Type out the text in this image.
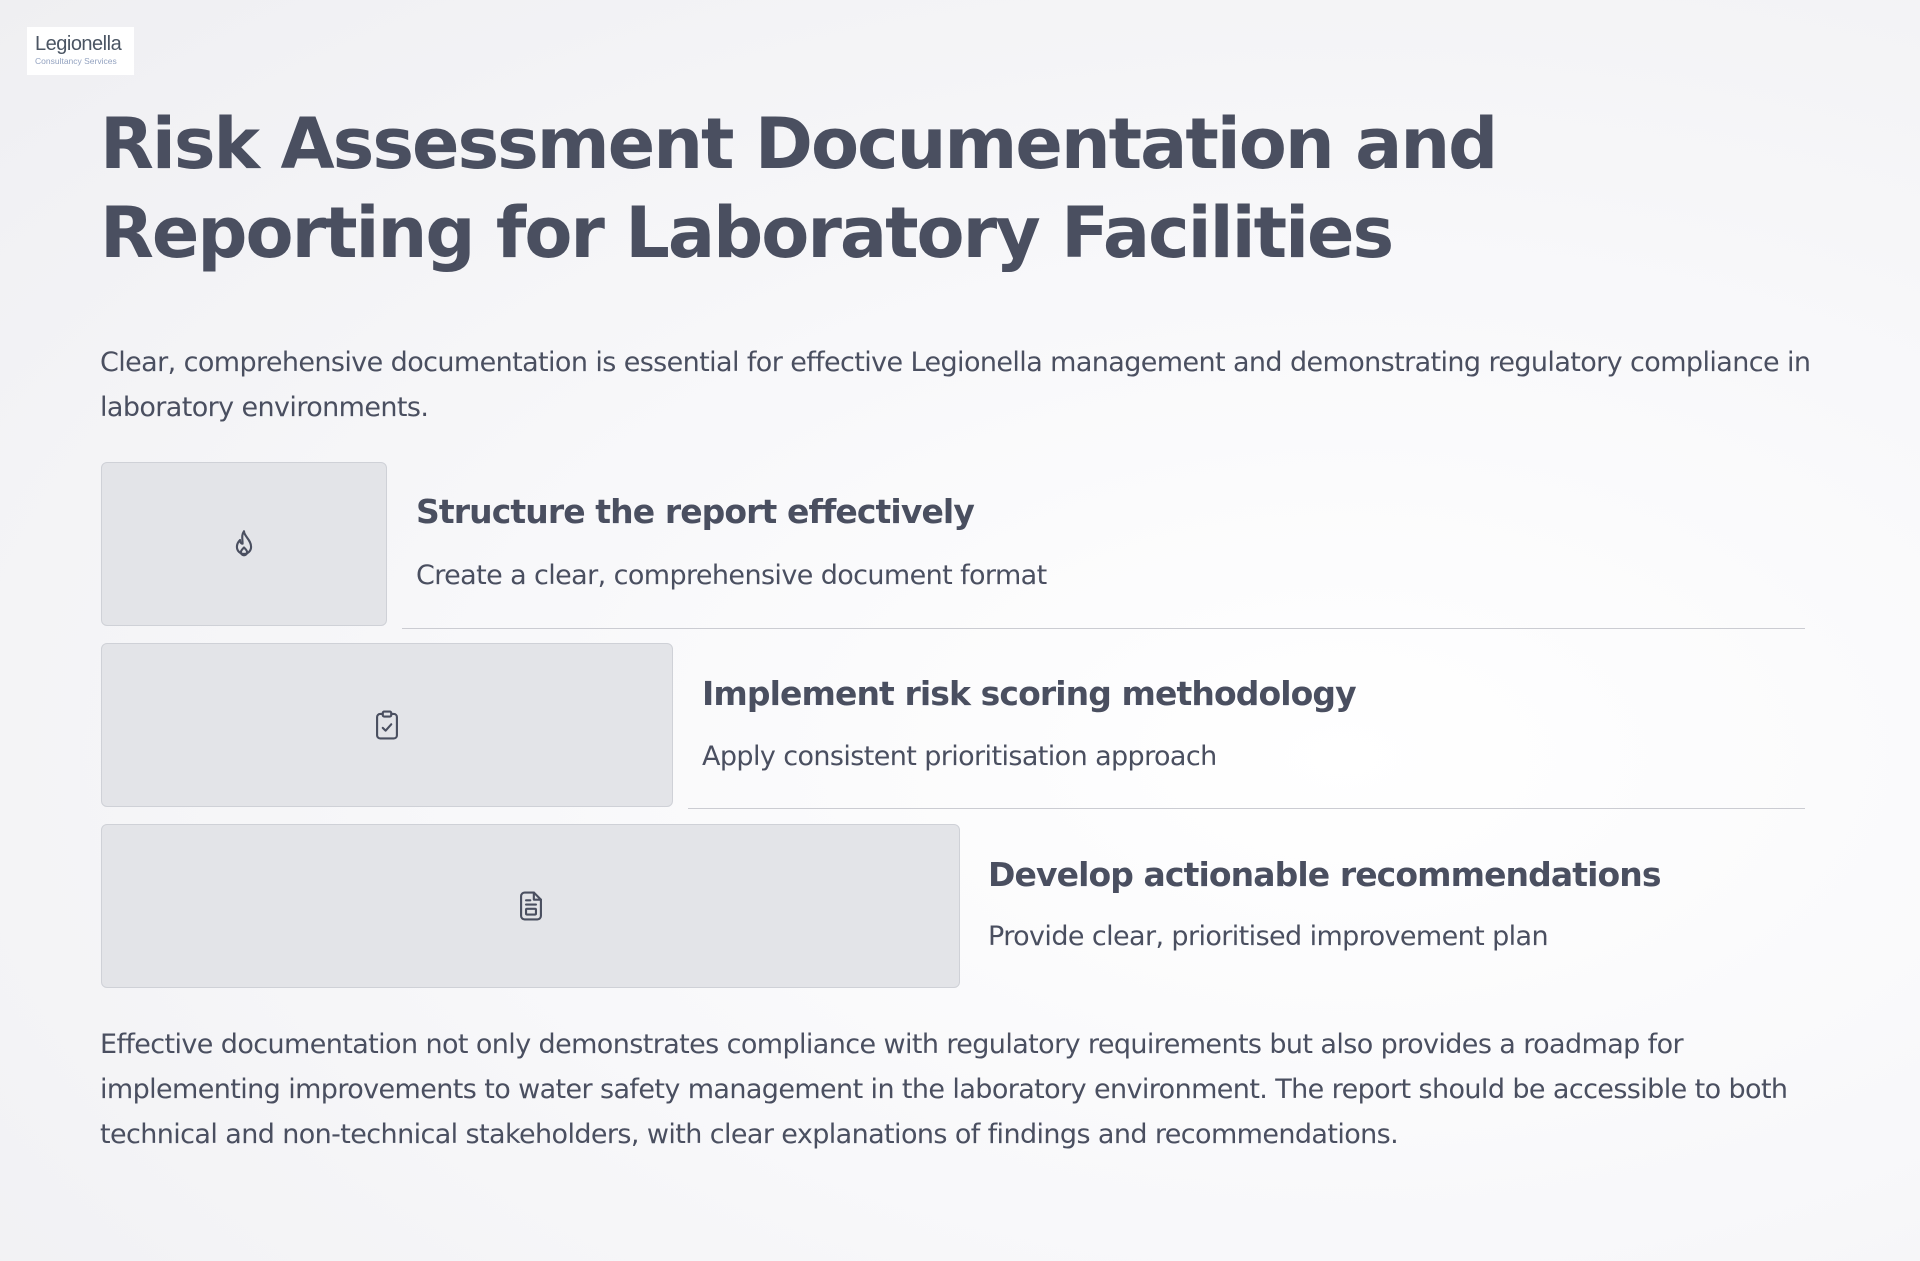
Legionella
Consultancy Services
Risk Assessment Documentation and Reporting for Laboratory Facilities

Clear, comprehensive documentation is essential for effective Legionella management and demonstrating regulatory compliance in laboratory environments.

Structure the report effectively

Create a clear, comprehensive document format

Implement risk scoring methodology

Apply consistent prioritisation approach

Develop actionable recommendations

Provide clear, prioritised improvement plan

Effective documentation not only demonstrates compliance with regulatory requirements but also provides a roadmap for implementing improvements to water safety management in the laboratory environment. The report should be accessible to both technical and non-technical stakeholders, with clear explanations of findings and recommendations.
